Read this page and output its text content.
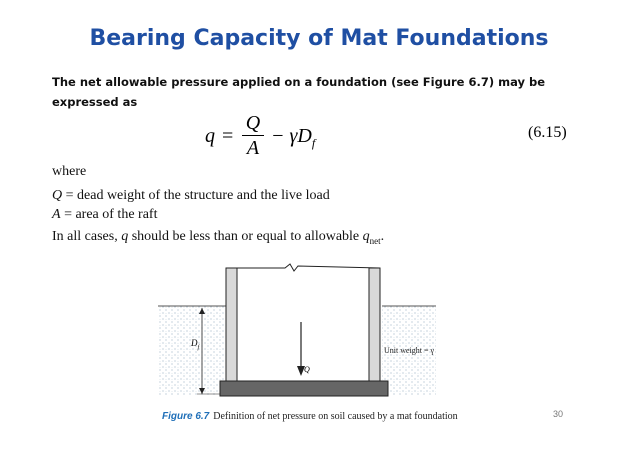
Bearing Capacity of Mat Foundations
The net allowable pressure applied on a foundation (see Figure 6.7) may be expressed as
q =
Q
A
− $\gamma D_f$
(6.15)
where
Q = dead weight of the structure and the live load
A = area of the raft
In all cases, q should be less than or equal to allowable $q_{net}$.
$D_f$
Q
Unit weight = γ
Figure 6.7 Definition of net pressure on soil caused by a mat foundation	30
